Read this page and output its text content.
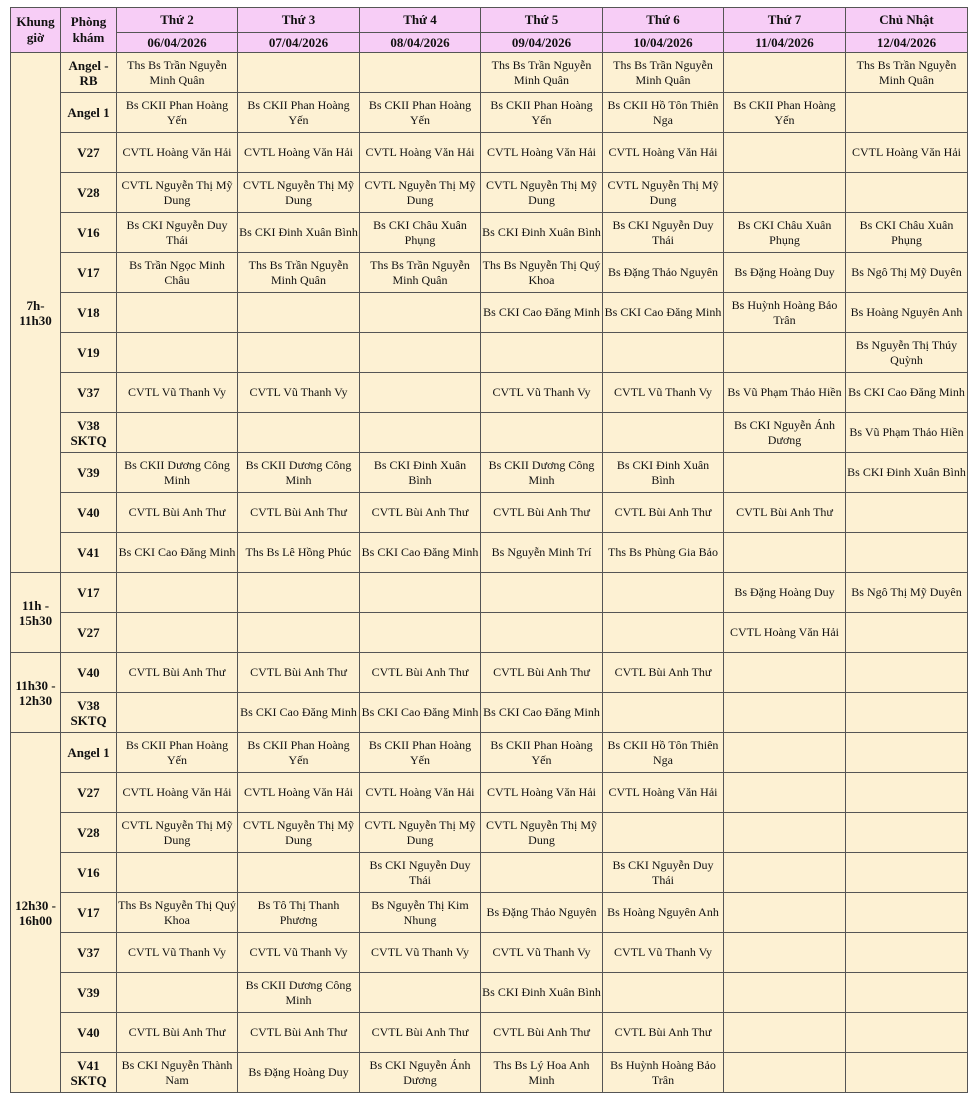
Khung giờ	Phòng khám	Thứ 2	Thứ 3	Thứ 4	Thứ 5	Thứ 6	Thứ 7	Chủ Nhật
		06/04/2026	07/04/2026	08/04/2026	09/04/2026	10/04/2026	11/04/2026	12/04/2026
7h-
11h30	Angel -
RB	Ths Bs Trần Nguyễn Minh Quân			Ths Bs Trần Nguyễn Minh Quân	Ths Bs Trần Nguyễn Minh Quân		Ths Bs Trần Nguyễn Minh Quân
	Angel 1	Bs CKII Phan Hoàng Yến	Bs CKII Phan Hoàng Yến	Bs CKII Phan Hoàng Yến	Bs CKII Phan Hoàng Yến	Bs CKII Hồ Tôn Thiên Nga	Bs CKII Phan Hoàng Yến	
	V27	CVTL Hoàng Văn Hải	CVTL Hoàng Văn Hải	CVTL Hoàng Văn Hải	CVTL Hoàng Văn Hải	CVTL Hoàng Văn Hải		CVTL Hoàng Văn Hải
	V28	CVTL Nguyễn Thị Mỹ Dung	CVTL Nguyễn Thị Mỹ Dung	CVTL Nguyễn Thị Mỹ Dung	CVTL Nguyễn Thị Mỹ Dung	CVTL Nguyễn Thị Mỹ Dung		
	V16	Bs CKI Nguyễn Duy Thái	Bs CKI Đinh Xuân Bình	Bs CKI Châu Xuân Phụng	Bs CKI Đinh Xuân Bình	Bs CKI Nguyễn Duy Thái	Bs CKI Châu Xuân Phụng	Bs CKI Châu Xuân Phụng
	V17	Bs Trần Ngọc Minh Châu	Ths Bs Trần Nguyễn Minh Quân	Ths Bs Trần Nguyễn Minh Quân	Ths Bs Nguyễn Thị Quý Khoa	Bs Đặng Thảo Nguyên	Bs Đặng Hoàng Duy	Bs Ngô Thị Mỹ Duyên
	V18				Bs CKI Cao Đăng Minh	Bs CKI Cao Đăng Minh	Bs Huỳnh Hoàng Bảo Trân	Bs Hoàng Nguyên Anh
	V19							Bs Nguyễn Thị Thúy Quỳnh
	V37	CVTL Vũ Thanh Vy	CVTL Vũ Thanh Vy		CVTL Vũ Thanh Vy	CVTL Vũ Thanh Vy	Bs Vũ Phạm Thảo Hiền	Bs CKI Cao Đăng Minh
	V38
SKTQ						Bs CKI Nguyễn Ánh Dương	Bs Vũ Phạm Thảo Hiền
	V39	Bs CKII Dương Công Minh	Bs CKII Dương Công Minh	Bs CKI Đinh Xuân Bình	Bs CKII Dương Công Minh	Bs CKI Đinh Xuân Bình		Bs CKI Đinh Xuân Bình
	V40	CVTL Bùi Anh Thư	CVTL Bùi Anh Thư	CVTL Bùi Anh Thư	CVTL Bùi Anh Thư	CVTL Bùi Anh Thư	CVTL Bùi Anh Thư	
	V41	Bs CKI Cao Đăng Minh	Ths Bs Lê Hồng Phúc	Bs CKI Cao Đăng Minh	Bs Nguyễn Minh Trí	Ths Bs Phùng Gia Bảo		
11h -
15h30	V17						Bs Đặng Hoàng Duy	Bs Ngô Thị Mỹ Duyên
	V27						CVTL Hoàng Văn Hải	
11h30 -
12h30	V40	CVTL Bùi Anh Thư	CVTL Bùi Anh Thư	CVTL Bùi Anh Thư	CVTL Bùi Anh Thư	CVTL Bùi Anh Thư		
	V38
SKTQ		Bs CKI Cao Đăng Minh	Bs CKI Cao Đăng Minh	Bs CKI Cao Đăng Minh			
12h30 -
16h00	Angel 1	Bs CKII Phan Hoàng Yến	Bs CKII Phan Hoàng Yến	Bs CKII Phan Hoàng Yến	Bs CKII Phan Hoàng Yến	Bs CKII Hồ Tôn Thiên Nga		
	V27	CVTL Hoàng Văn Hải	CVTL Hoàng Văn Hải	CVTL Hoàng Văn Hải	CVTL Hoàng Văn Hải	CVTL Hoàng Văn Hải		
	V28	CVTL Nguyễn Thị Mỹ Dung	CVTL Nguyễn Thị Mỹ Dung	CVTL Nguyễn Thị Mỹ Dung	CVTL Nguyễn Thị Mỹ Dung			
	V16			Bs CKI Nguyễn Duy Thái		Bs CKI Nguyễn Duy Thái		
	V17	Ths Bs Nguyễn Thị Quý Khoa	Bs Tô Thị Thanh Phương	Bs Nguyễn Thị Kim Nhung	Bs Đặng Thảo Nguyên	Bs Hoàng Nguyên Anh		
	V37	CVTL Vũ Thanh Vy	CVTL Vũ Thanh Vy	CVTL Vũ Thanh Vy	CVTL Vũ Thanh Vy	CVTL Vũ Thanh Vy		
	V39		Bs CKII Dương Công Minh		Bs CKI Đinh Xuân Bình			
	V40	CVTL Bùi Anh Thư	CVTL Bùi Anh Thư	CVTL Bùi Anh Thư	CVTL Bùi Anh Thư	CVTL Bùi Anh Thư		
	V41
SKTQ	Bs CKI Nguyễn Thành Nam	Bs Đặng Hoàng Duy	Bs CKI Nguyễn Ánh Dương	Ths Bs Lý Hoa Anh Minh	Bs Huỳnh Hoàng Bảo Trân		
